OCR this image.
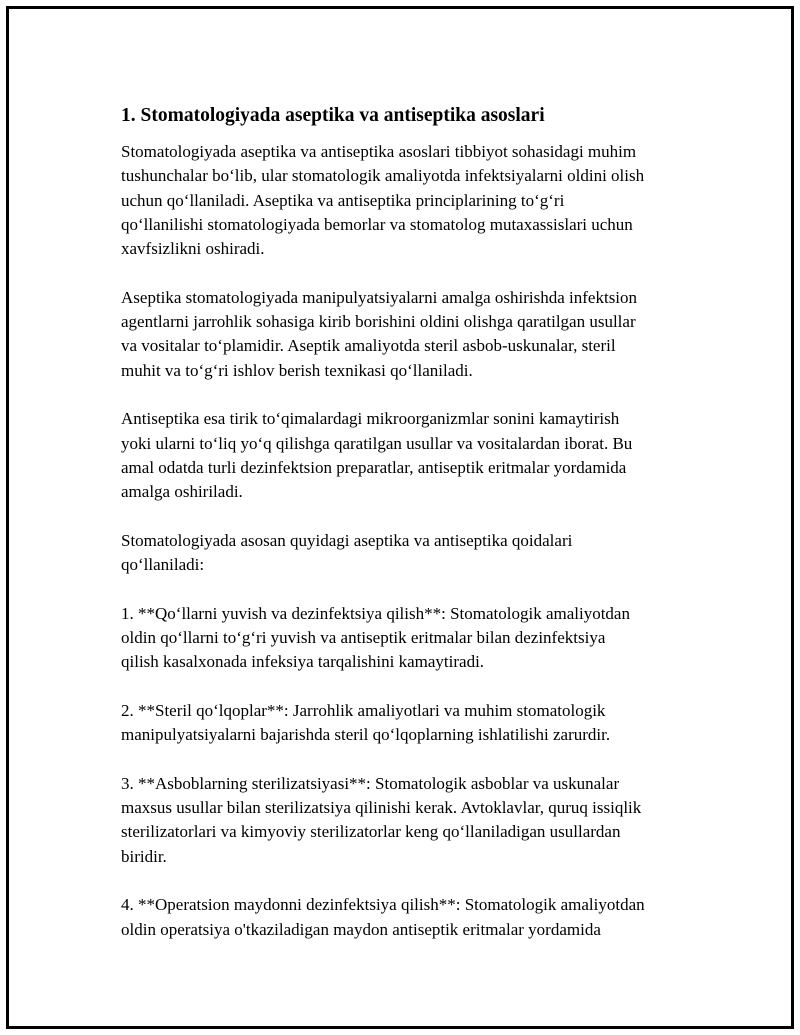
1. Stomatologiyada aseptika va antiseptika asoslari
Stomatologiyada aseptika va antiseptika asoslari tibbiyot sohasidagi muhim
tushunchalar bo‘lib, ular stomatologik amaliyotda infektsiyalarni oldini olish
uchun qo‘llaniladi. Aseptika va antiseptika principlarining to‘g‘ri
qo‘llanilishi stomatologiyada bemorlar va stomatolog mutaxassislari uchun
xavfsizlikni oshiradi.
Aseptika stomatologiyada manipulyatsiyalarni amalga oshirishda infektsion
agentlarni jarrohlik sohasiga kirib borishini oldini olishga qaratilgan usullar
va vositalar to‘plamidir. Aseptik amaliyotda steril asbob-uskunalar, steril
muhit va to‘g‘ri ishlov berish texnikasi qo‘llaniladi.
Antiseptika esa tirik to‘qimalardagi mikroorganizmlar sonini kamaytirish
yoki ularni to‘liq yo‘q qilishga qaratilgan usullar va vositalardan iborat. Bu
amal odatda turli dezinfektsion preparatlar, antiseptik eritmalar yordamida
amalga oshiriladi.
Stomatologiyada asosan quyidagi aseptika va antiseptika qoidalari
qo‘llaniladi:
1. **Qo‘llarni yuvish va dezinfektsiya qilish**: Stomatologik amaliyotdan
oldin qo‘llarni to‘g‘ri yuvish va antiseptik eritmalar bilan dezinfektsiya
qilish kasalxonada infeksiya tarqalishini kamaytiradi.
2. **Steril qo‘lqoplar**: Jarrohlik amaliyotlari va muhim stomatologik
manipulyatsiyalarni bajarishda steril qo‘lqoplarning ishlatilishi zarurdir.
3. **Asboblarning sterilizatsiyasi**: Stomatologik asboblar va uskunalar
maxsus usullar bilan sterilizatsiya qilinishi kerak. Avtoklavlar, quruq issiqlik
sterilizatorlari va kimyoviy sterilizatorlar keng qo‘llaniladigan usullardan
biridir.
4. **Operatsion maydonni dezinfektsiya qilish**: Stomatologik amaliyotdan
oldin operatsiya o'tkaziladigan maydon antiseptik eritmalar yordamida
